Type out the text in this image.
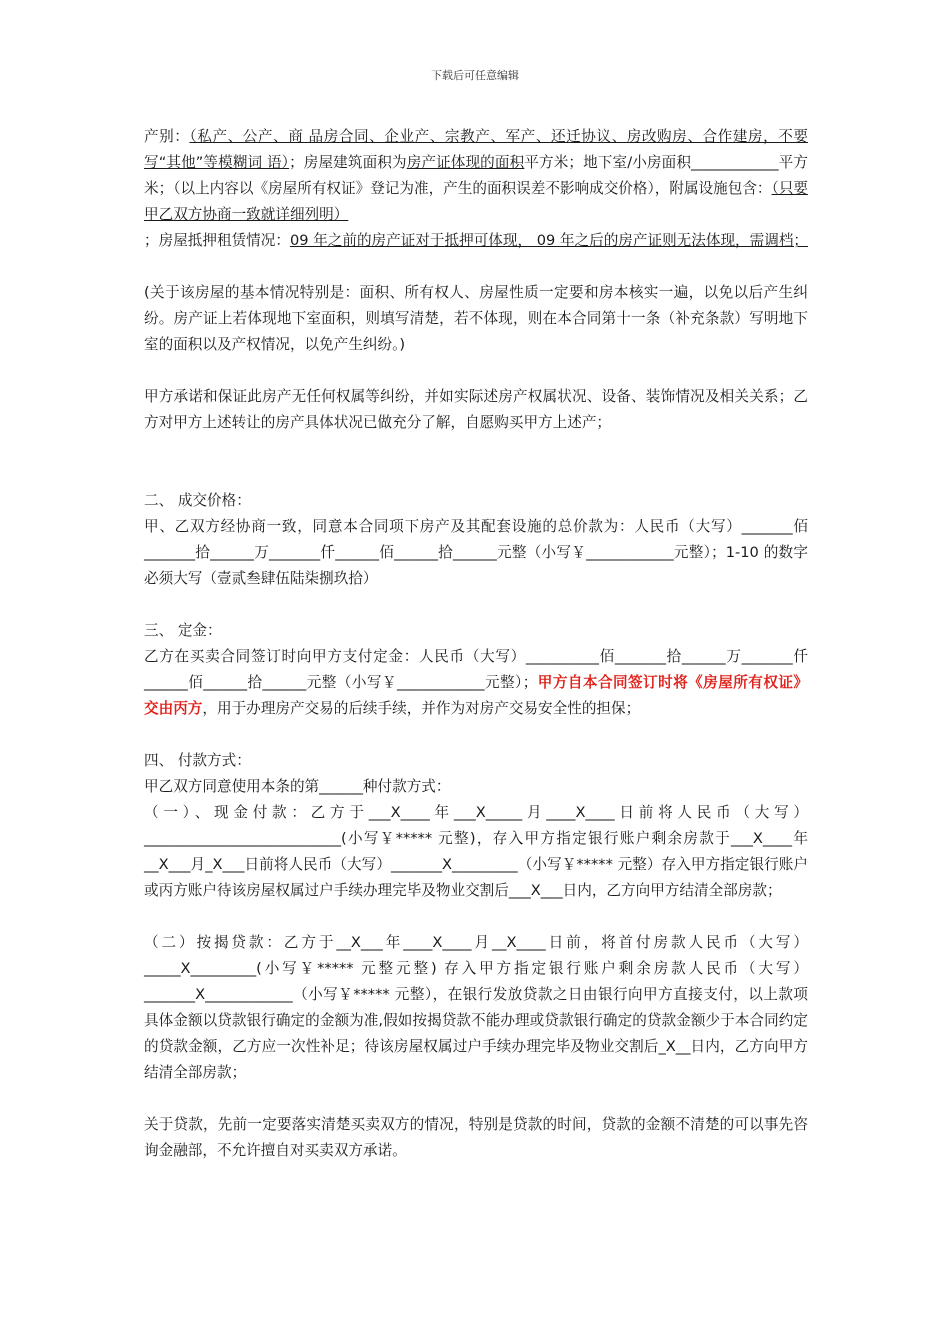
下载后可任意编辑

产别：（私产、公产、商 品房合同、企业产、宗教产、军产、还迁协议、房改购房、合作建房，不要写“其他”等模糊词 语）；房屋建筑面积为房产证体现的面积平方米；地下室/小房面积____________平方米；（以上内容以《房屋所有权证》登记为准，产生的面积误差不影响成交价格），附属设施包含：（只要甲乙双方协商一致就详细列明）
；房屋抵押租赁情况：09 年之前的房产证对于抵押可体现， 09 年之后的房产证则无法体现，需调档；

(关于该房屋的基本情况特别是：面积、所有权人、房屋性质一定要和房本核实一遍，以免以后产生纠纷。房产证上若体现地下室面积，则填写清楚，若不体现，则在本合同第十一条（补充条款）写明地下室的面积以及产权情况，以免产生纠纷。)

甲方承诺和保证此房产无任何权属等纠纷，并如实际述房产权属状况、设备、装饰情况及相关关系；乙方对甲方上述转让的房产具体状况已做充分了解，自愿购买甲方上述产；

二、 成交价格：

甲、乙双方经协商一致，同意本合同项下房产及其配套设施的总价款为：人民币（大写）_______佰_______拾______万_______仟______佰______拾______元整（小写￥____________元整）；1-10 的数字必须大写（壹贰叁肆伍陆柒捌玖拾）

三、 定金：

乙方在买卖合同签订时向甲方支付定金：人民币（大写）__________佰_______拾______万_______仟______佰______拾______元整（小写￥____________元整）；甲方自本合同签订时将《房屋所有权证》交由丙方，用于办理房产交易的后续手续，并作为对房产交易安全性的担保；

四、 付款方式：

甲乙双方同意使用本条的第______种付款方式：

（一）、现金付款：乙方于___X____年___X_____月____X____日前将人民币（大写） ___________________________(小写￥***** 元整)，存入甲方指定银行账户剩余房款于___X____年__X___月_X___日前将人民币（大写）_______X_________（小写￥***** 元整）存入甲方指定银行账户或丙方账户待该房屋权属过户手续办理完毕及物业交割后___X___日内，乙方向甲方结清全部房款；

（二）按揭贷款：乙方于__X___年____X____月__X____日前，将首付房款人民币（大写） _____X_________(小写￥***** 元整元整) 存入甲方指定银行账户剩余房款人民币（大写）_______X____________（小写￥***** 元整），在银行发放贷款之日由银行向甲方直接支付，以上款项具体金额以贷款银行确定的金额为准,假如按揭贷款不能办理或贷款银行确定的贷款金额少于本合同约定的贷款金额，乙方应一次性补足；待该房屋权属过户手续办理完毕及物业交割后_X__日内，乙方向甲方结清全部房款；

关于贷款，先前一定要落实清楚买卖双方的情况，特别是贷款的时间，贷款的金额不清楚的可以事先咨询金融部，不允许擅自对买卖双方承诺。
